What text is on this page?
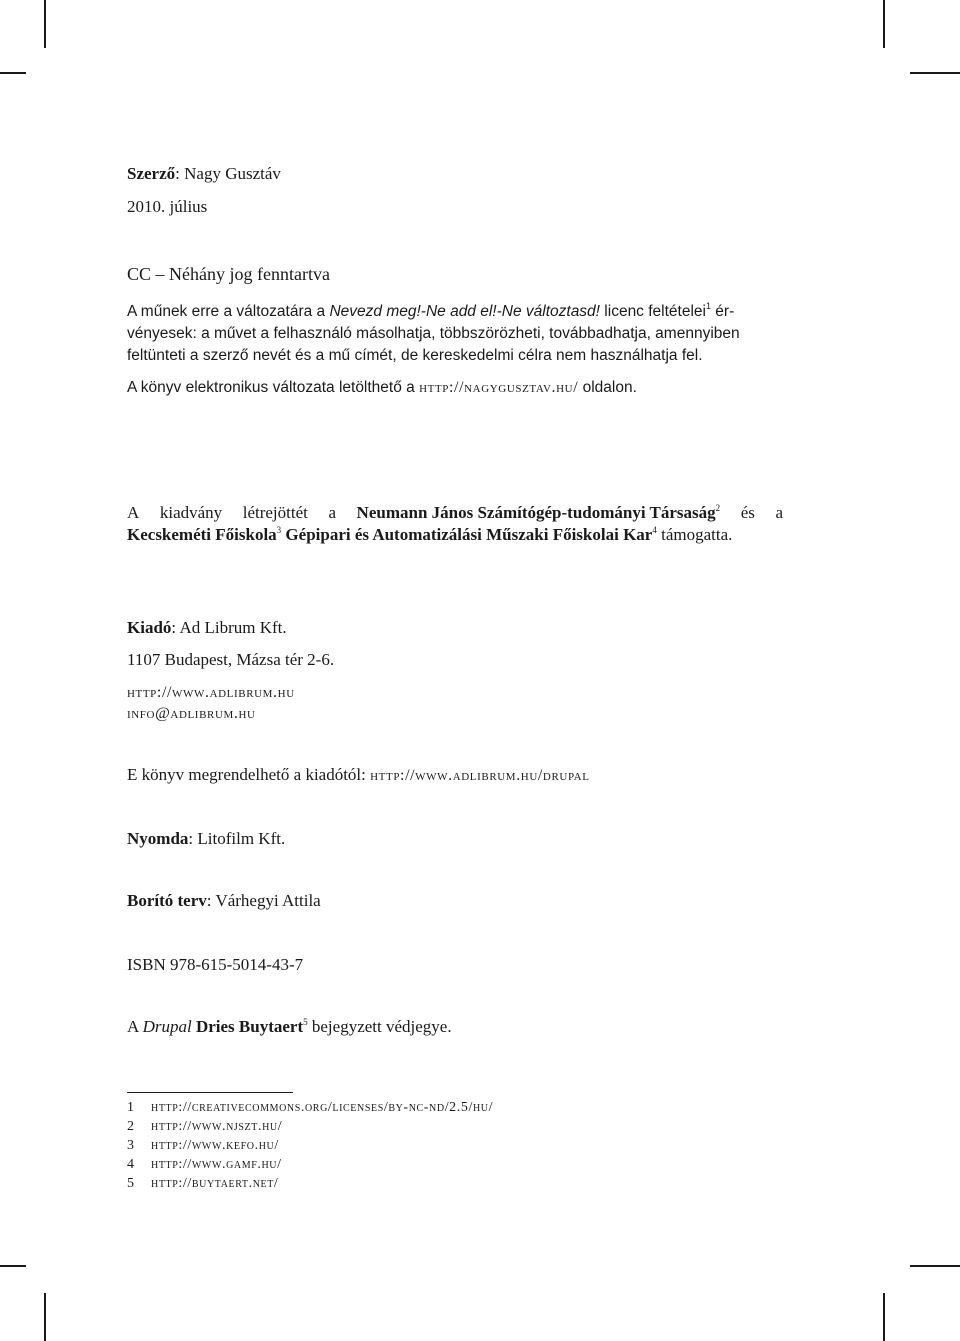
Szerző: Nagy Gusztáv
2010. július
CC – Néhány jog fenntartva
A műnek erre a változatára a Nevezd meg!-Ne add el!-Ne változtasd! licenc feltételei$^1$ ér-
vényesek: a művet a felhasználó másolhatja, többszörözheti, továbbadhatja, amennyiben
feltünteti a szerző nevét és a mű címét, de kereskedelmi célra nem használhatja fel.
A könyv elektronikus változata letölthető a http://nagygusztav.hu/ oldalon.
A kiadvány létrejöttét a Neumann János Számítógép-tudományi Társaság$^2$ és a
Kecskeméti Főiskola$^3$ Gépipari és Automatizálási Műszaki Főiskolai Kar$^4$ támogatta.
Kiadó: Ad Librum Kft.
1107 Budapest, Mázsa tér 2-6.
http://www.adlibrum.hu
info@adlibrum.hu
E könyv megrendelhető a kiadótól: http://www.adlibrum.hu/drupal
Nyomda: Litofilm Kft.
Borító terv: Várhegyi Attila
ISBN 978-615-5014-43-7
A Drupal Dries Buytaert$^5$ bejegyzett védjegye.
1 http://creativecommons.org/licenses/by-nc-nd/2.5/hu/
2 http://www.njszt.hu/
3 http://www.kefo.hu/
4 http://www.gamf.hu/
5 http://buytaert.net/
